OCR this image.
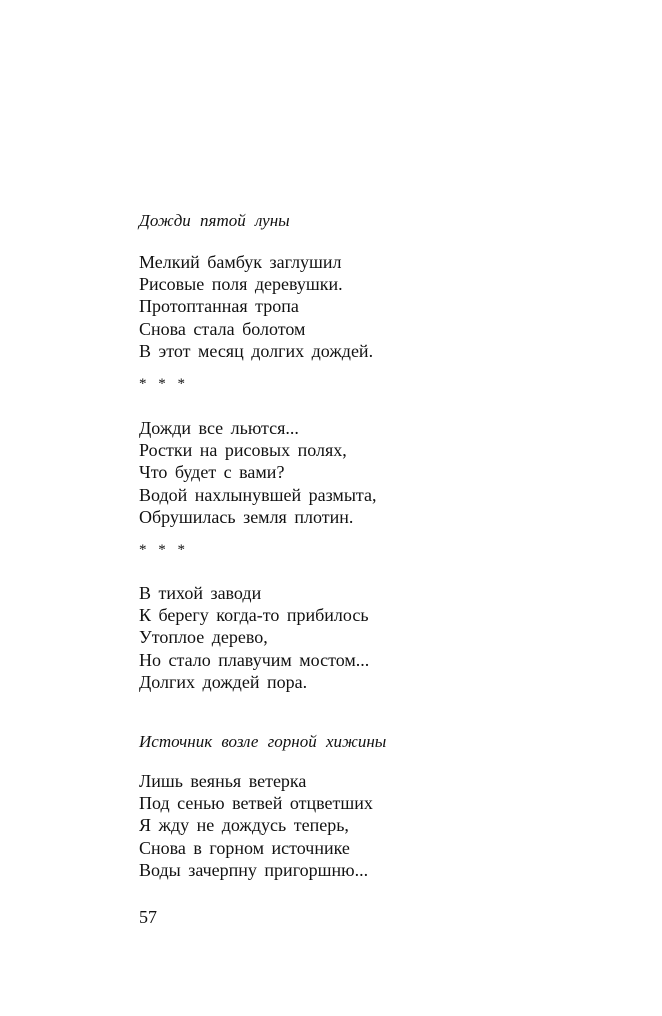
Дожди пятой луны
Мелкий бамбук заглушил
Рисовые поля деревушки.
Протоптанная тропа
Снова стала болотом
В этот месяц долгих дождей.
* * *
Дожди все льются...
Ростки на рисовых полях,
Что будет с вами?
Водой нахлынувшей размыта,
Обрушилась земля плотин.
* * *
В тихой заводи
К берегу когда-то прибилось
Утоплое дерево,
Но стало плавучим мостом...
Долгих дождей пора.
Источник возле горной хижины
Лишь веянья ветерка
Под сенью ветвей отцветших
Я жду не дождусь теперь,
Снова в горном источнике
Воды зачерпну пригоршню...
57
